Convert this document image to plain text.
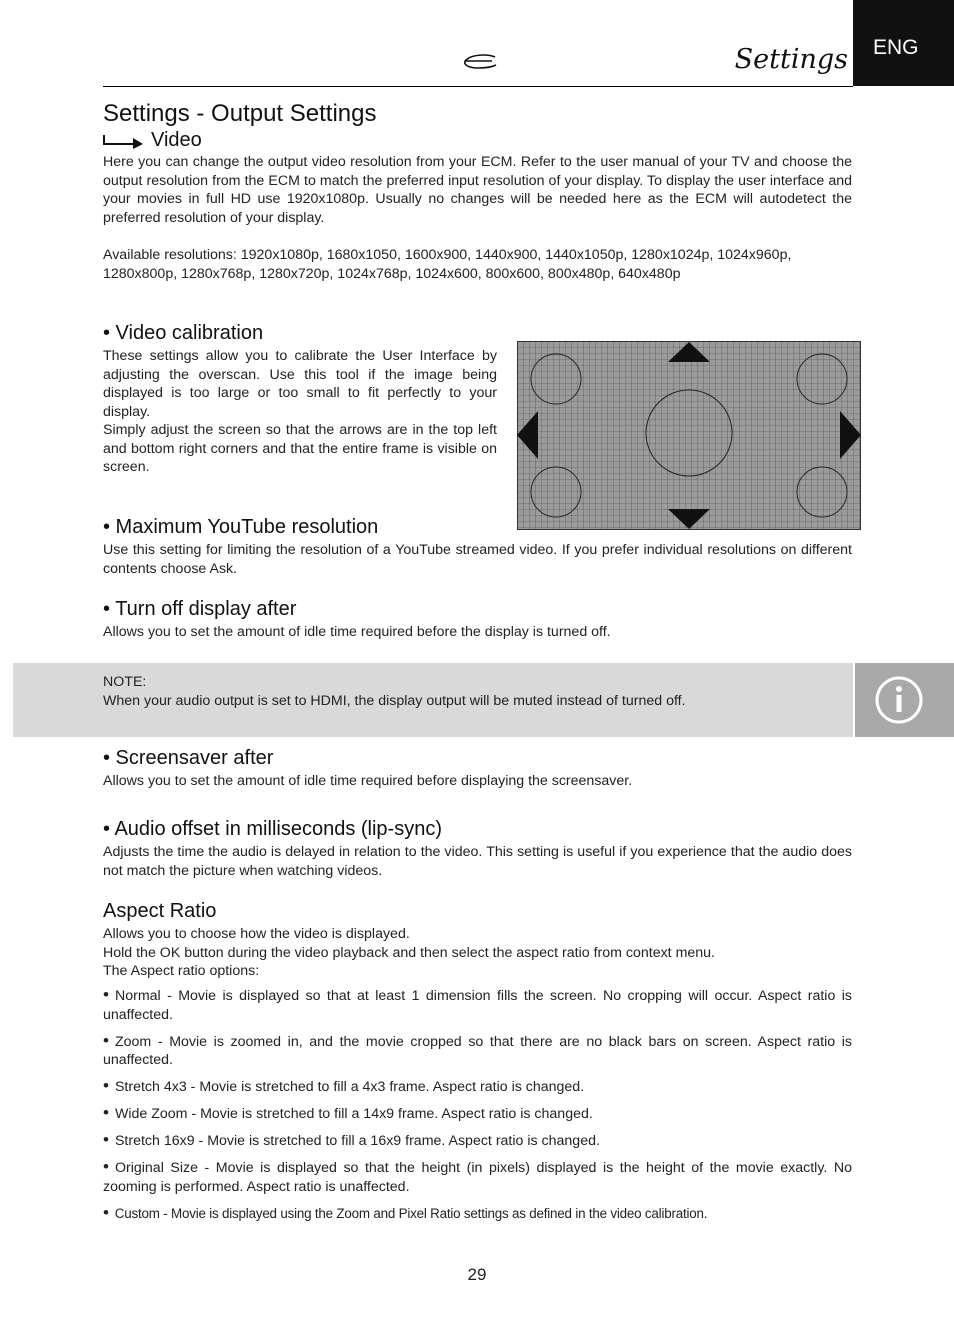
ENG
Settings
Settings - Output Settings
Video
Here you can change the output video resolution from your ECM. Refer to the user manual of your TV and choose the output resolution from the ECM to match the preferred input resolution of your display. To display the user interface and your movies in full HD use 1920x1080p. Usually no changes will be needed here as the ECM will autodetect the preferred resolution of your display.
Available resolutions: 1920x1080p, 1680x1050, 1600x900, 1440x900, 1440x1050p, 1280x1024p, 1024x960p, 1280x800p, 1280x768p, 1280x720p, 1024x768p, 1024x600, 800x600, 800x480p, 640x480p
• Video calibration
These settings allow you to calibrate the User Interface by adjusting the overscan. Use this tool if the image being displayed is too large or too small to fit perfectly to your display.
Simply adjust the screen so that the arrows are in the top left and bottom right corners and that the entire frame is visible on screen.
• Maximum YouTube resolution
Use this setting for limiting the resolution of a YouTube streamed video. If you prefer individual resolutions on different contents choose Ask.
• Turn off display after
Allows you to set the amount of idle time required before the display is turned off.
NOTE:
When your audio output is set to HDMI, the display output will be muted instead of turned off.
• Screensaver after
Allows you to set the amount of idle time required before displaying the screensaver.
• Audio offset in milliseconds (lip-sync)
Adjusts the time the audio is delayed in relation to the video. This setting is useful if you experience that the audio does not match the picture when watching videos.
Aspect Ratio
Allows you to choose how the video is displayed.
Hold the OK button during the video playback and then select the aspect ratio from context menu.
The Aspect ratio options:
• Normal - Movie is displayed so that at least 1 dimension fills the screen. No cropping will occur. Aspect ratio is unaffected.
• Zoom - Movie is zoomed in, and the movie cropped so that there are no black bars on screen. Aspect ratio is unaffected.
• Stretch 4x3 - Movie is stretched to fill a 4x3 frame. Aspect ratio is changed.
• Wide Zoom - Movie is stretched to fill a 14x9 frame. Aspect ratio is changed.
• Stretch 16x9 - Movie is stretched to fill a 16x9 frame. Aspect ratio is changed.
• Original Size - Movie is displayed so that the height (in pixels) displayed is the height of the movie exactly. No zooming is performed. Aspect ratio is unaffected.
• Custom - Movie is displayed using the Zoom and Pixel Ratio settings as defined in the video calibration.
29
